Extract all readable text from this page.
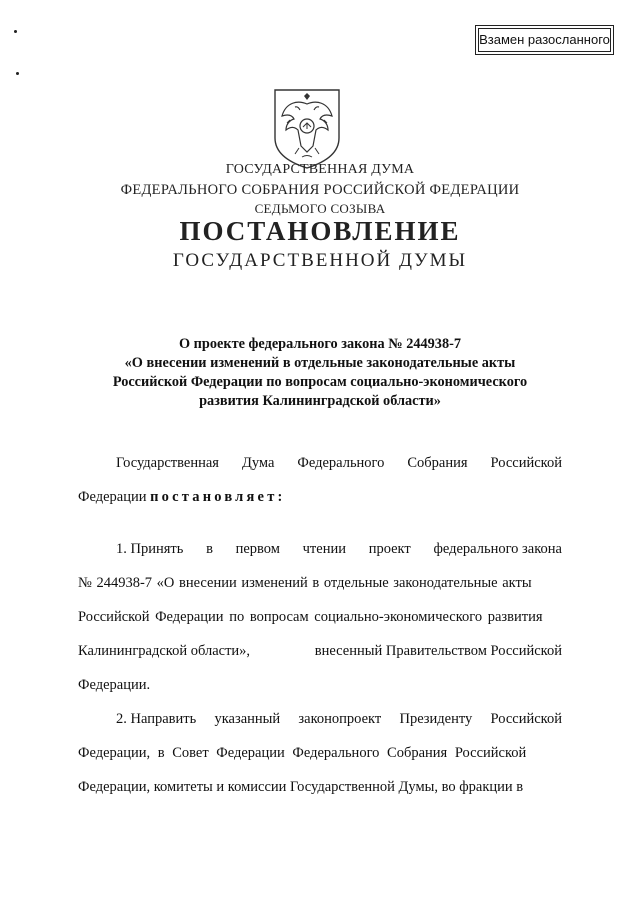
Взамен разосланного
ГОСУДАРСТВЕННАЯ ДУМА
ФЕДЕРАЛЬНОГО СОБРАНИЯ РОССИЙСКОЙ ФЕДЕРАЦИИ
СЕДЬМОГО СОЗЫВА
ПОСТАНОВЛЕНИЕ
ГОСУДАРСТВЕННОЙ ДУМЫ
О проекте федерального закона № 244938-7
«О внесении изменений в отдельные законодательные акты
Российской Федерации по вопросам социально-экономического
развития Калининградской области»
Государственная Дума Федерального Собрания Российской
Федерации постановляет:
1. Принять в первом чтении проект федерального закона
№ 244938-7 «О внесении изменений в отдельные законодательные акты
Российской Федерации по вопросам социально-экономического развития
Калининградской области»,	внесенный Правительством Российской
Федерации.
2. Направить указанный законопроект Президенту Российской
Федерации, в Совет Федерации Федерального Собрания Российской
Федерации, комитеты и комиссии Государственной Думы, во фракции в
